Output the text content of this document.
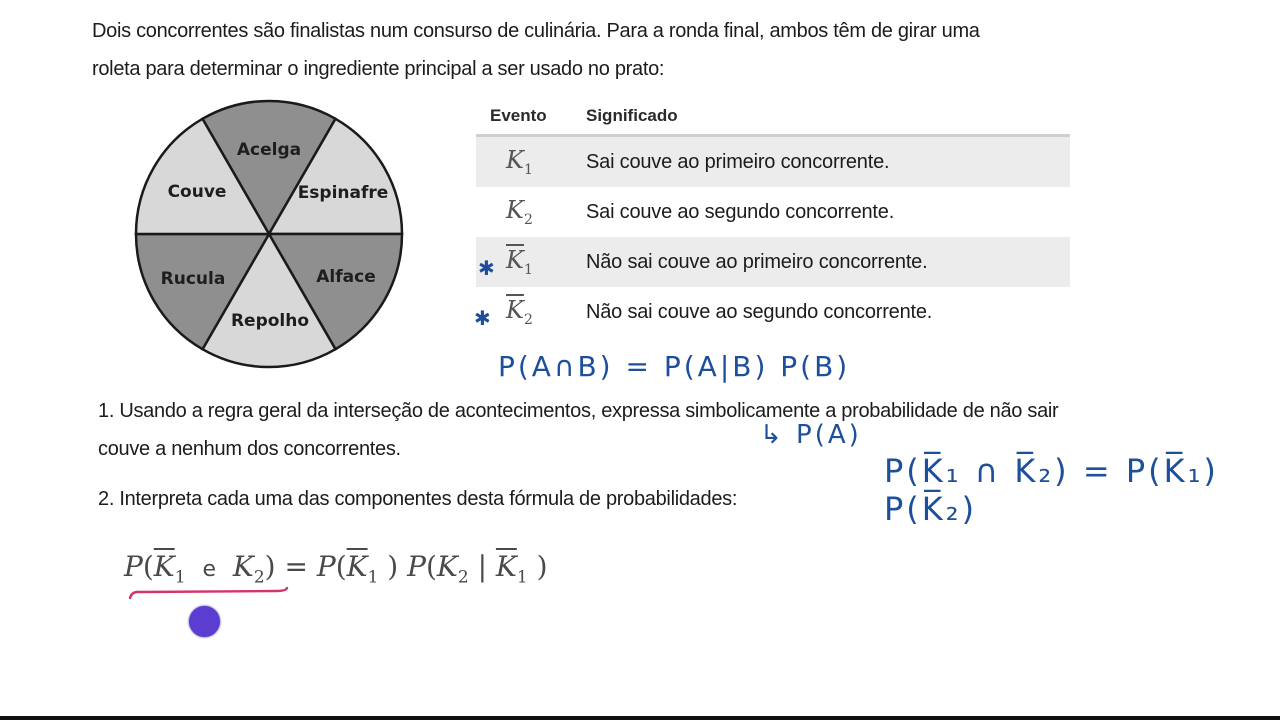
Dois concorrentes são finalistas num consurso de culinária. Para a ronda final, ambos têm de girar uma
roleta para determinar o ingrediente principal a ser usado no prato:
Acelga
Espinafre
Alface
Repolho
Rucula
Couve
Evento	Significado
$K_1$	Sai couve ao primeiro concorrente.
$K_2$	Sai couve ao segundo concorrente.
✱ $\overline{K}_1$	Não sai couve ao primeiro concorrente.
✱ $\overline{K}_2$	Não sai couve ao segundo concorrente.
P(A∩B) = P(A|B) P(B)
1. Usando a regra geral da interseção de acontecimentos, expressa simbolicamente a probabilidade de não sair
couve a nenhum dos concorrentes.	↳ P(A)
P(K̅₁ ∩ K̅₂) = P(K̅₁) P(K̅₂)
2. Interpreta cada uma das componentes desta fórmula de probabilidades:
$P(\overline{K}_1$ e $K_2) = P(\overline{K}_1$ ) $P(K_2$ | $\overline{K}_1$ )
